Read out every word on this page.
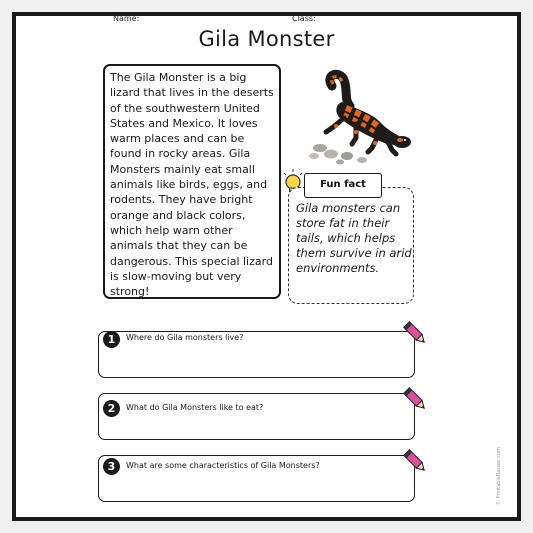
Name:	Class:
Gila Monster
The Gila Monster is a big lizard that lives in the deserts of the southwestern United States and Mexico. It loves warm places and can be found in rocky areas. Gila Monsters mainly eat small animals like birds, eggs, and rodents. They have bright orange and black colors, which help warn other animals that they can be dangerous. This special lizard is slow-moving but very strong!
Fun fact
Gila monsters can store fat in their tails, which helps them survive in arid environments.
1	Where do Gila monsters live?
2	What do Gila Monsters like to eat?
3	What are some characteristics of Gila Monsters?	© PrintableBazaar.com
